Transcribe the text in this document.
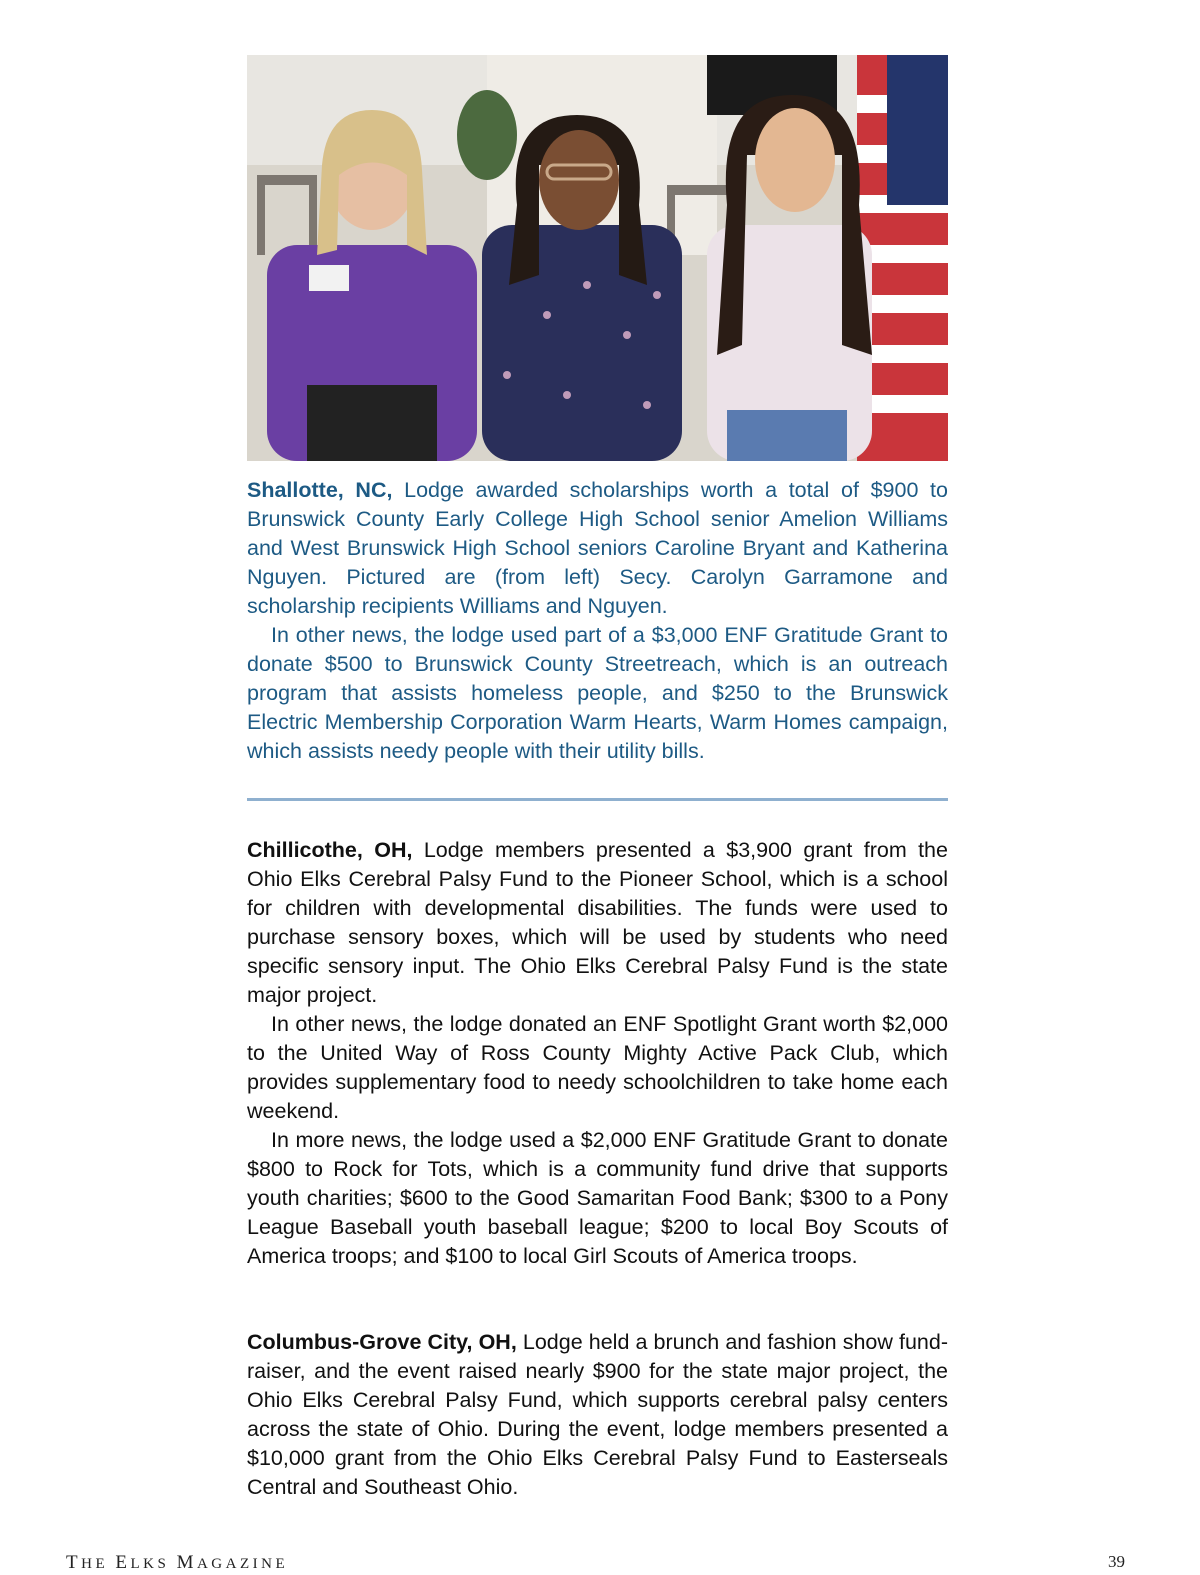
Shallotte, NC, Lodge awarded scholarships worth a total of $900 to Brunswick County Early College High School senior Amelion Williams and West Brunswick High School seniors Caroline Bryant and Katherina Nguyen. Pictured are (from left) Secy. Carolyn Garramone and scholarship recipients Williams and Nguyen.

In other news, the lodge used part of a $3,000 ENF Gratitude Grant to donate $500 to Brunswick County Streetreach, which is an outreach program that assists homeless people, and $250 to the Brunswick Electric Membership Corporation Warm Hearts, Warm Homes campaign, which assists needy people with their utility bills.

Chillicothe, OH, Lodge members presented a $3,900 grant from the Ohio Elks Cerebral Palsy Fund to the Pioneer School, which is a school for children with developmental disabilities. The funds were used to purchase sensory boxes, which will be used by students who need specific sensory input. The Ohio Elks Cerebral Palsy Fund is the state major project.

In other news, the lodge donated an ENF Spotlight Grant worth $2,000 to the United Way of Ross County Mighty Active Pack Club, which provides supplementary food to needy schoolchildren to take home each weekend.

In more news, the lodge used a $2,000 ENF Gratitude Grant to donate $800 to Rock for Tots, which is a community fund drive that supports youth charities; $600 to the Good Samaritan Food Bank; $300 to a Pony League Baseball youth baseball league; $200 to local Boy Scouts of America troops; and $100 to local Girl Scouts of America troops.

Columbus-Grove City, OH, Lodge held a brunch and fashion show fund-raiser, and the event raised nearly $900 for the state major project, the Ohio Elks Cerebral Palsy Fund, which supports cerebral palsy centers across the state of Ohio. During the event, lodge members presented a $10,000 grant from the Ohio Elks Cerebral Palsy Fund to Easterseals Central and Southeast Ohio.

THE ELKS MAGAZINE	39
